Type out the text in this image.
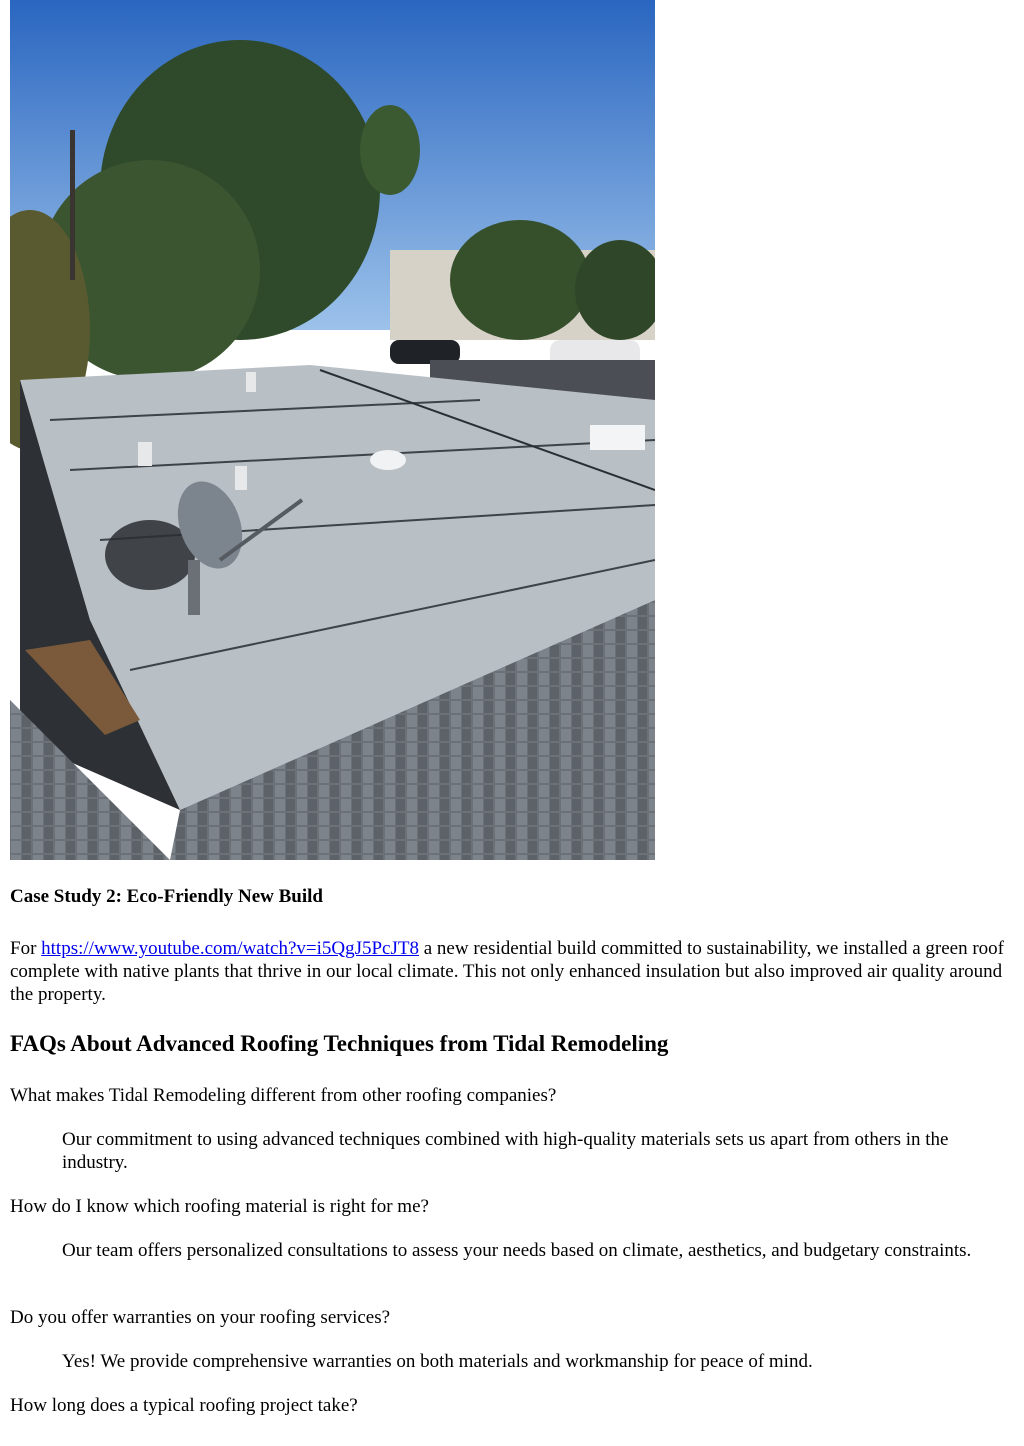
Case Study 2: Eco-Friendly New Build

For https://www.youtube.com/watch?v=i5QgJ5PcJT8 a new residential build committed to sustainability, we installed a green roof complete with native plants that thrive in our local climate. This not only enhanced insulation but also improved air quality around the property.

FAQs About Advanced Roofing Techniques from Tidal Remodeling

What makes Tidal Remodeling different from other roofing companies?

Our commitment to using advanced techniques combined with high-quality materials sets us apart from others in the industry.

How do I know which roofing material is right for me?

Our team offers personalized consultations to assess your needs based on climate, aesthetics, and budgetary constraints.

Do you offer warranties on your roofing services?

Yes! We provide comprehensive warranties on both materials and workmanship for peace of mind.

How long does a typical roofing project take?
